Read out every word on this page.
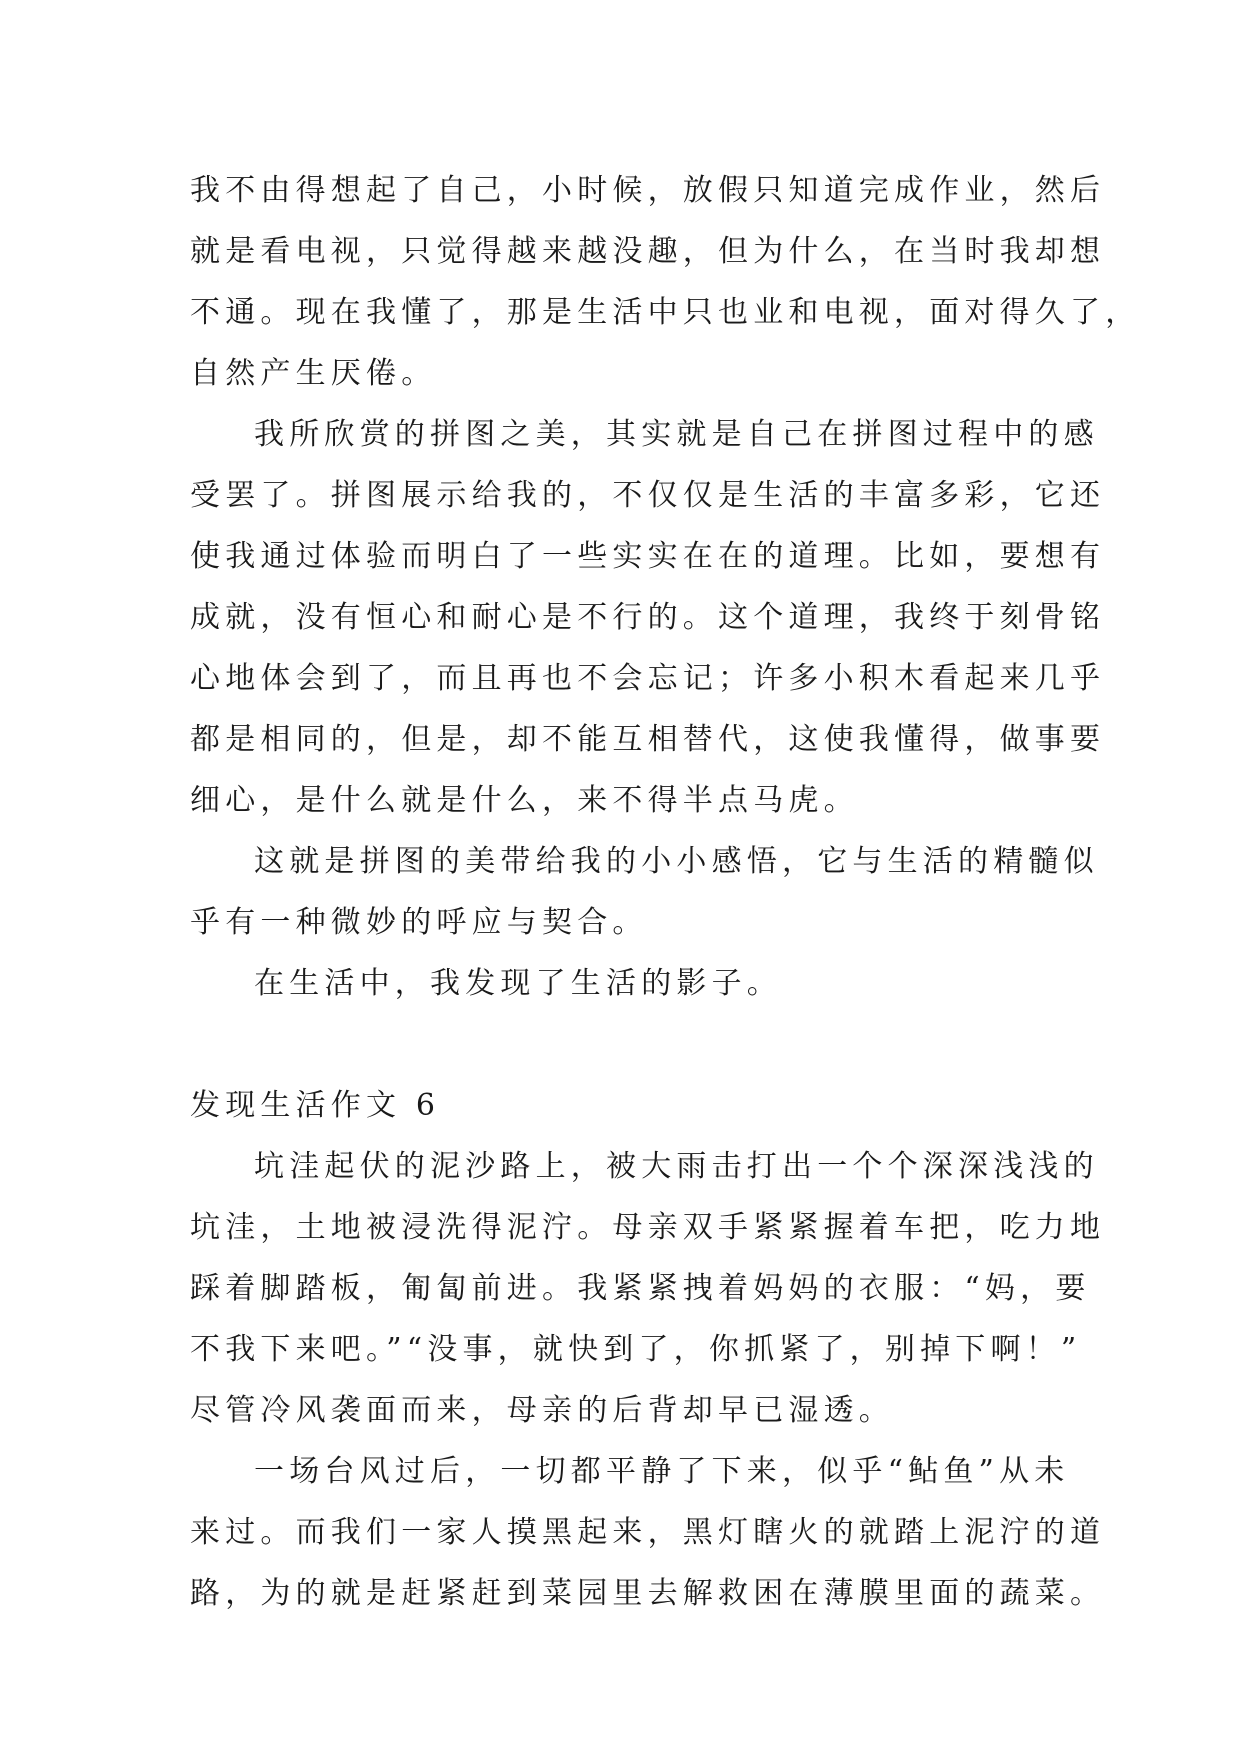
我不由得想起了自己，小时候，放假只知道完成作业，然后
就是看电视，只觉得越来越没趣，但为什么，在当时我却想
不通。现在我懂了，那是生活中只也业和电视，面对得久了，
自然产生厌倦。
我所欣赏的拼图之美，其实就是自己在拼图过程中的感
受罢了。拼图展示给我的，不仅仅是生活的丰富多彩，它还
使我通过体验而明白了一些实实在在的道理。比如，要想有
成就，没有恒心和耐心是不行的。这个道理，我终于刻骨铭
心地体会到了，而且再也不会忘记；许多小积木看起来几乎
都是相同的，但是，却不能互相替代，这使我懂得，做事要
细心，是什么就是什么，来不得半点马虎。
这就是拼图的美带给我的小小感悟，它与生活的精髓似
乎有一种微妙的呼应与契合。
在生活中，我发现了生活的影子。
发现生活作文 6
坑洼起伏的泥沙路上，被大雨击打出一个个深深浅浅的
坑洼，土地被浸洗得泥泞。母亲双手紧紧握着车把，吃力地
踩着脚踏板，匍匐前进。我紧紧拽着妈妈的衣服：“妈，要
不我下来吧。”“没事，就快到了，你抓紧了，别掉下啊！”
尽管冷风袭面而来，母亲的后背却早已湿透。
一场台风过后，一切都平静了下来，似乎“鲇鱼”从未
来过。而我们一家人摸黑起来，黑灯瞎火的就踏上泥泞的道
路，为的就是赶紧赶到菜园里去解救困在薄膜里面的蔬菜。
